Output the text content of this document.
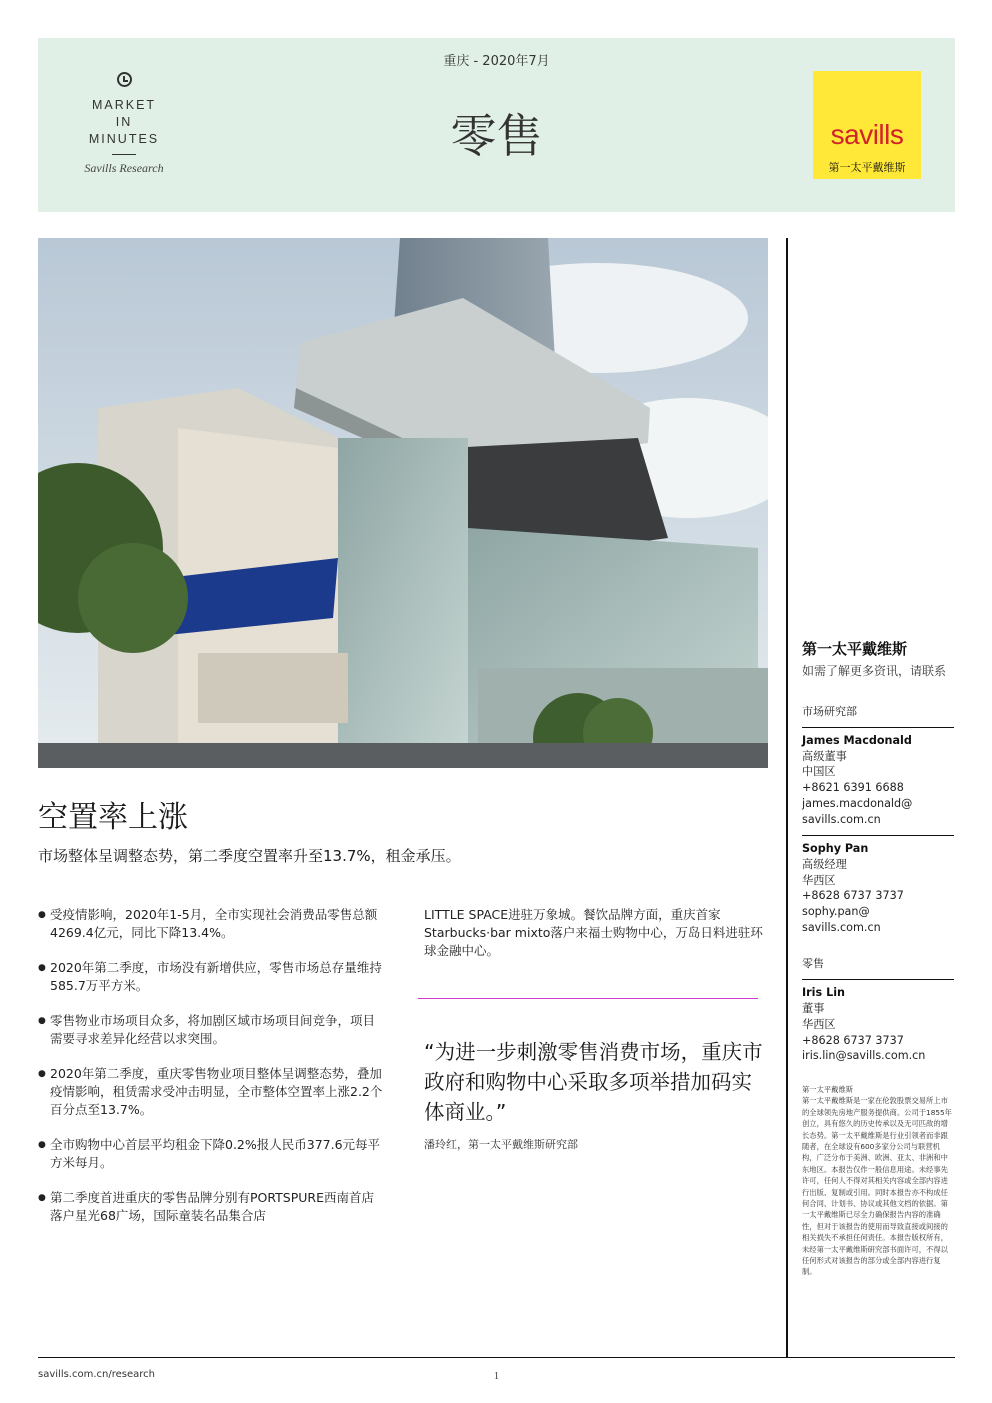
MARKET
IN
MINUTES
Savills Research
重庆 - 2020年7月
零售	savills
第一太平戴维斯
空置率上涨
市场整体呈调整态势，第二季度空置率升至13.7%，租金承压。
● 受疫情影响，2020年1-5月，全市实现社会消费品零售总额4269.4亿元，同比下降13.4%。
● 2020年第二季度，市场没有新增供应，零售市场总存量维持585.7万平方米。
● 零售物业市场项目众多，将加剧区域市场项目间竞争，项目需要寻求差异化经营以求突围。
● 2020年第二季度，重庆零售物业项目整体呈调整态势，叠加疫情影响，租赁需求受冲击明显，全市整体空置率上涨2.2个百分点至13.7%。
● 全市购物中心首层平均租金下降0.2%报人民币377.6元每平方米每月。
● 第二季度首进重庆的零售品牌分别有PORTSPURE西南首店落户星光68广场，国际童装名品集合店
LITTLE SPACE进驻万象城。餐饮品牌方面，重庆首家Starbucks·bar mixto落户来福士购物中心，万岛日料进驻环球金融中心。
“为进一步刺激零售消费市场，重庆市政府和购物中心采取多项举措加码实体商业。”
潘玲红，第一太平戴维斯研究部
第一太平戴维斯
如需了解更多资讯，请联系
市场研究部
James Macdonald
高级董事
中国区
+8621 6391 6688
james.macdonald@
savills.com.cn
Sophy Pan
高级经理
华西区
+8628 6737 3737
sophy.pan@
savills.com.cn
零售
Iris Lin
董事
华西区
+8628 6737 3737
iris.lin@savills.com.cn
第一太平戴维斯
第一太平戴维斯是一家在伦敦股票交易所上市的全球领先房地产服务提供商。公司于1855年创立，具有悠久的历史传承以及无可匹敌的增长态势。第一太平戴维斯是行业引领者而非跟随者，在全球设有600多家分公司与联营机构，广泛分布于美洲、欧洲、亚太、非洲和中东地区。本报告仅作一般信息用途。未经事先许可，任何人不得对其相关内容或全部内容进行出版、复制或引用。同时本报告亦不构成任何合同、计划书、协议或其他文档的依据。第一太平戴维斯已尽全力确保报告内容的准确性，但对于该报告的使用而导致直接或间接的相关损失不承担任何责任。本报告版权所有，未经第一太平戴维斯研究部书面许可，不得以任何形式对该报告的部分或全部内容进行复制。
savills.com.cn/research	1
